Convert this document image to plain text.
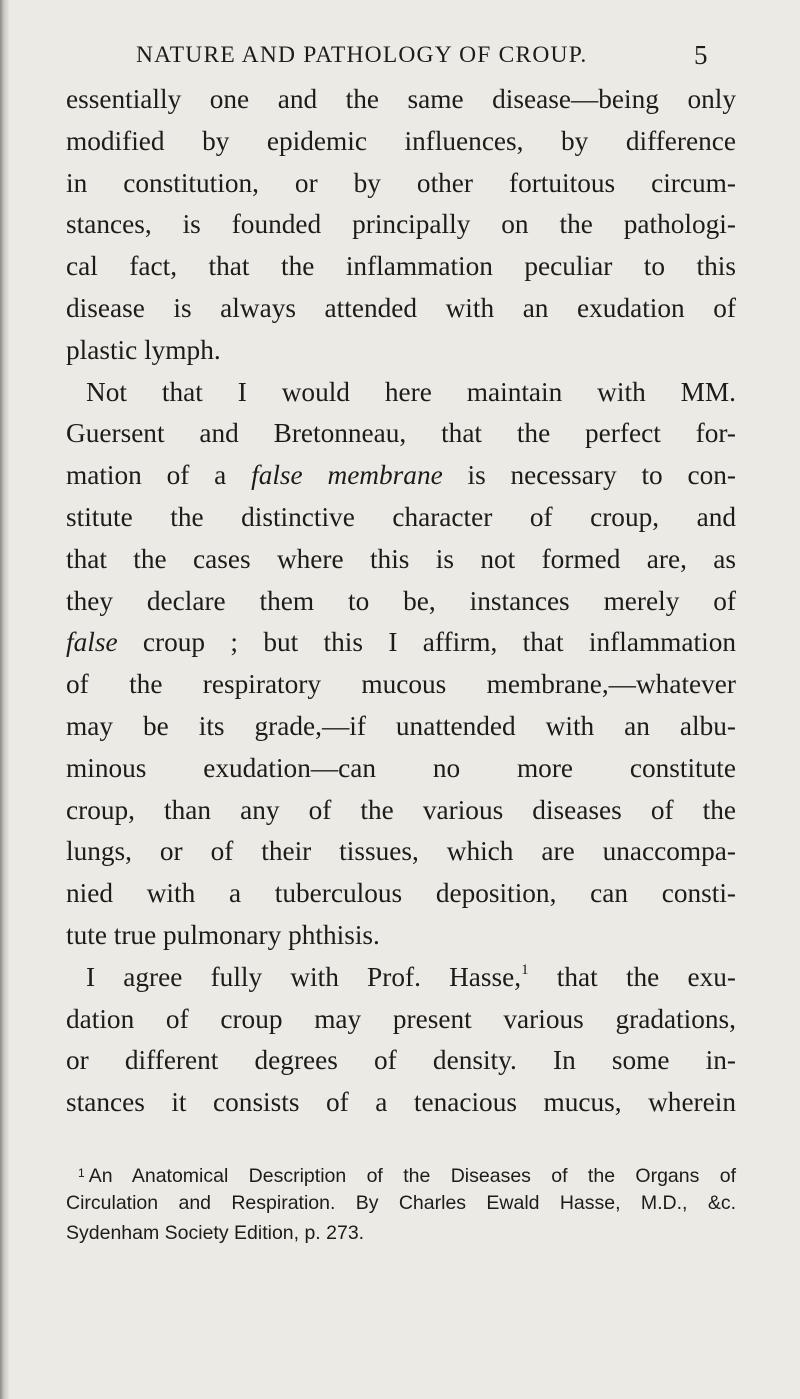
NATURE AND PATHOLOGY OF CROUP.	5
essentially one and the same disease—being only
modified by epidemic influences, by difference
in constitution, or by other fortuitous circum-
stances, is founded principally on the pathologi-
cal fact, that the inflammation peculiar to this
disease is always attended with an exudation of
plastic lymph.
Not that I would here maintain with MM.
Guersent and Bretonneau, that the perfect for-
mation of a false membrane is necessary to con-
stitute the distinctive character of croup, and
that the cases where this is not formed are, as
they declare them to be, instances merely of
false croup ; but this I affirm, that inflammation
of the respiratory mucous membrane,—whatever
may be its grade,—if unattended with an albu-
minous exudation—can no more constitute
croup, than any of the various diseases of the
lungs, or of their tissues, which are unaccompa-
nied with a tuberculous deposition, can consti-
tute true pulmonary phthisis.
I agree fully with Prof. Hasse,$^1$ that the exu-
dation of croup may present various gradations,
or different degrees of density. In some in-
stances it consists of a tenacious mucus, wherein
$^1$ An Anatomical Description of the Diseases of the Organs of
Circulation and Respiration. By Charles Ewald Hasse, M.D., &c.
Sydenham Society Edition, p. 273.
